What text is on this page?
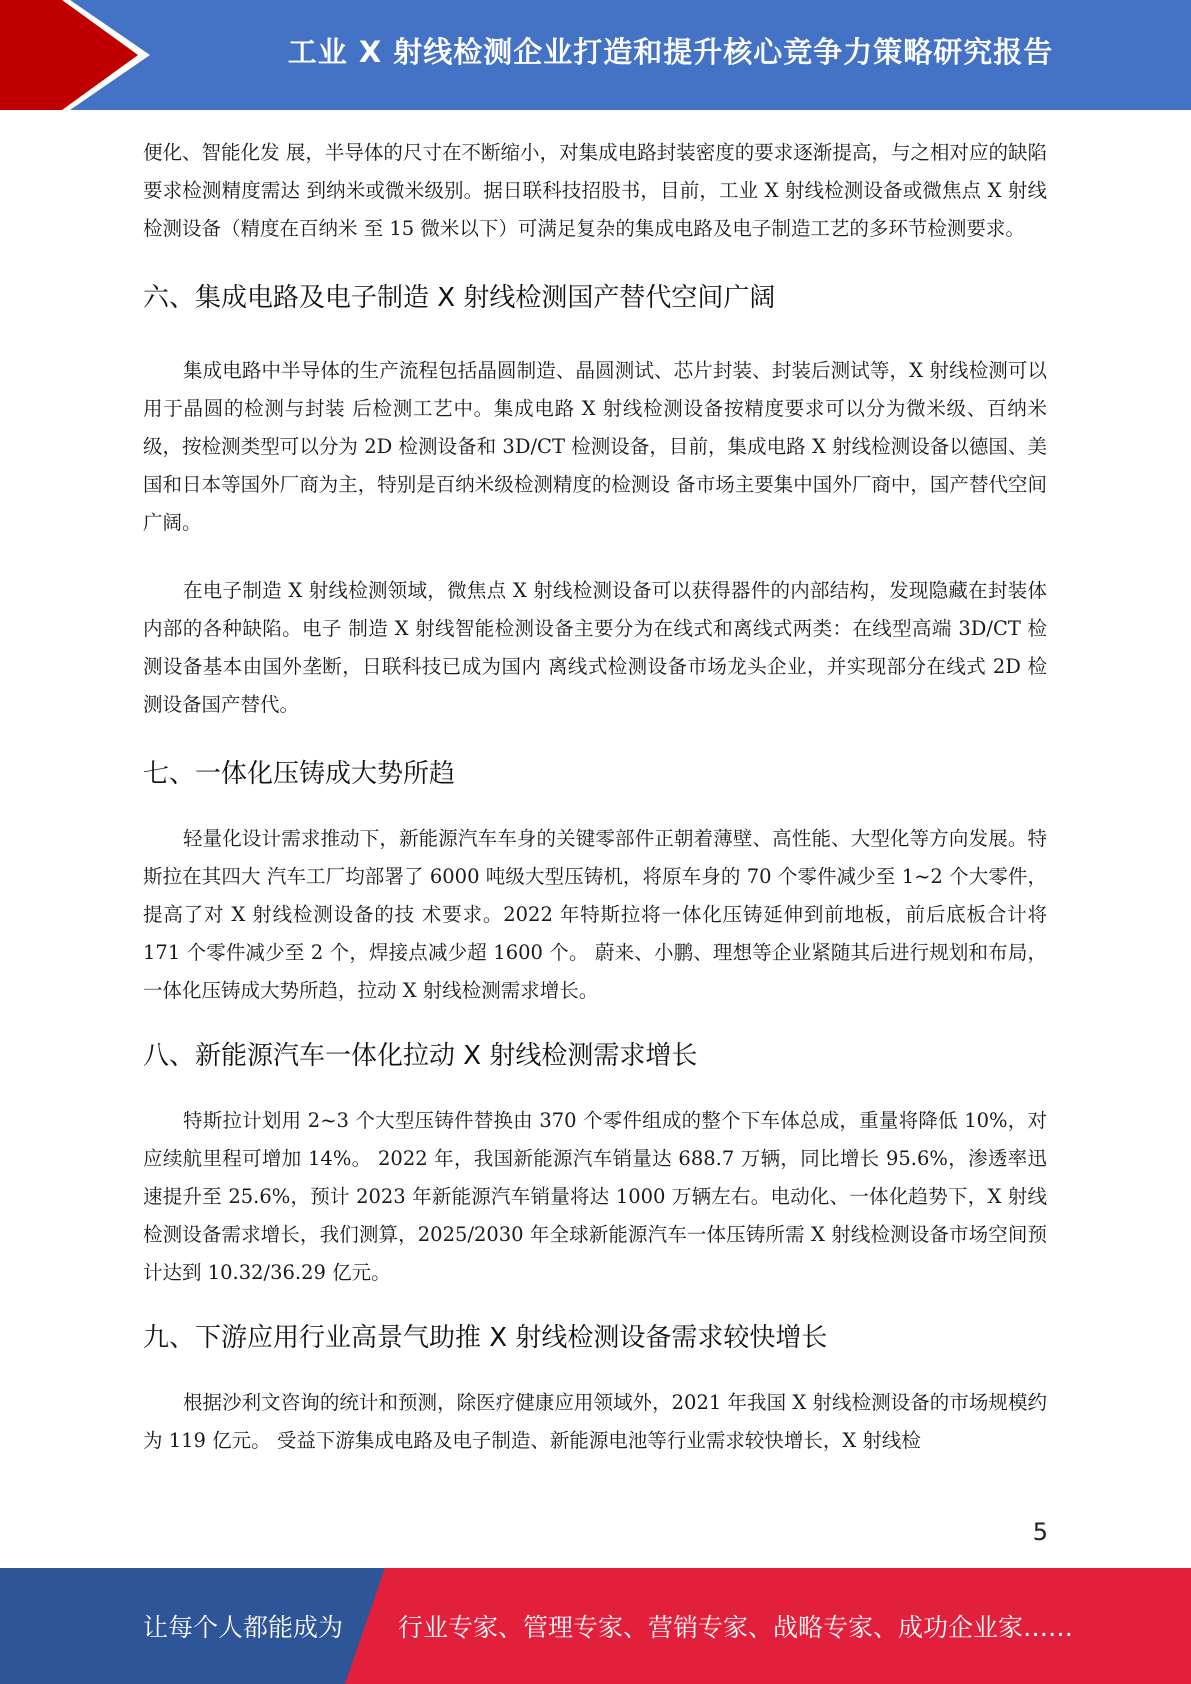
工业 X 射线检测企业打造和提升核心竞争力策略研究报告

便化、智能化发 展，半导体的尺寸在不断缩小，对集成电路封装密度的要求逐渐提高，与之相对应的缺陷要求检测精度需达 到纳米或微米级别。据日联科技招股书，目前，工业 X 射线检测设备或微焦点 X 射线检测设备（精度在百纳米 至 15 微米以下）可满足复杂的集成电路及电子制造工艺的多环节检测要求。

六、集成电路及电子制造 X 射线检测国产替代空间广阔

集成电路中半导体的生产流程包括晶圆制造、晶圆测试、芯片封装、封装后测试等，X 射线检测可以用于晶圆的检测与封装 后检测工艺中。集成电路 X 射线检测设备按精度要求可以分为微米级、百纳米级，按检测类型可以分为 2D 检测设备和 3D/CT 检测设备，目前，集成电路 X 射线检测设备以德国、美国和日本等国外厂商为主，特别是百纳米级检测精度的检测设 备市场主要集中国外厂商中，国产替代空间广阔。

在电子制造 X 射线检测领域，微焦点 X 射线检测设备可以获得器件的内部结构，发现隐藏在封装体内部的各种缺陷。电子 制造 X 射线智能检测设备主要分为在线式和离线式两类：在线型高端 3D/CT 检测设备基本由国外垄断，日联科技已成为国内 离线式检测设备市场龙头企业，并实现部分在线式 2D 检测设备国产替代。

七、一体化压铸成大势所趋

轻量化设计需求推动下，新能源汽车车身的关键零部件正朝着薄壁、高性能、大型化等方向发展。特斯拉在其四大 汽车工厂均部署了 6000 吨级大型压铸机，将原车身的 70 个零件减少至 1~2 个大零件，提高了对 X 射线检测设备的技 术要求。2022 年特斯拉将一体化压铸延伸到前地板，前后底板合计将 171 个零件减少至 2 个，焊接点减少超 1600 个。 蔚来、小鹏、理想等企业紧随其后进行规划和布局，一体化压铸成大势所趋，拉动 X 射线检测需求增长。

八、新能源汽车一体化拉动 X 射线检测需求增长

特斯拉计划用 2~3 个大型压铸件替换由 370 个零件组成的整个下车体总成，重量将降低 10%，对应续航里程可增加 14%。 2022 年，我国新能源汽车销量达 688.7 万辆，同比增长 95.6%，渗透率迅速提升至 25.6%，预计 2023 年新能源汽车销量将达 1000 万辆左右。电动化、一体化趋势下，X 射线检测设备需求增长，我们测算，2025/2030 年全球新能源汽车一体压铸所需 X 射线检测设备市场空间预计达到 10.32/36.29 亿元。

九、下游应用行业高景气助推 X 射线检测设备需求较快增长

根据沙利文咨询的统计和预测，除医疗健康应用领域外，2021 年我国 X 射线检测设备的市场规模约为 119 亿元。 受益下游集成电路及电子制造、新能源电池等行业需求较快增长，X 射线检

5
让每个人都能成为 行业专家、管理专家、营销专家、战略专家、成功企业家……
